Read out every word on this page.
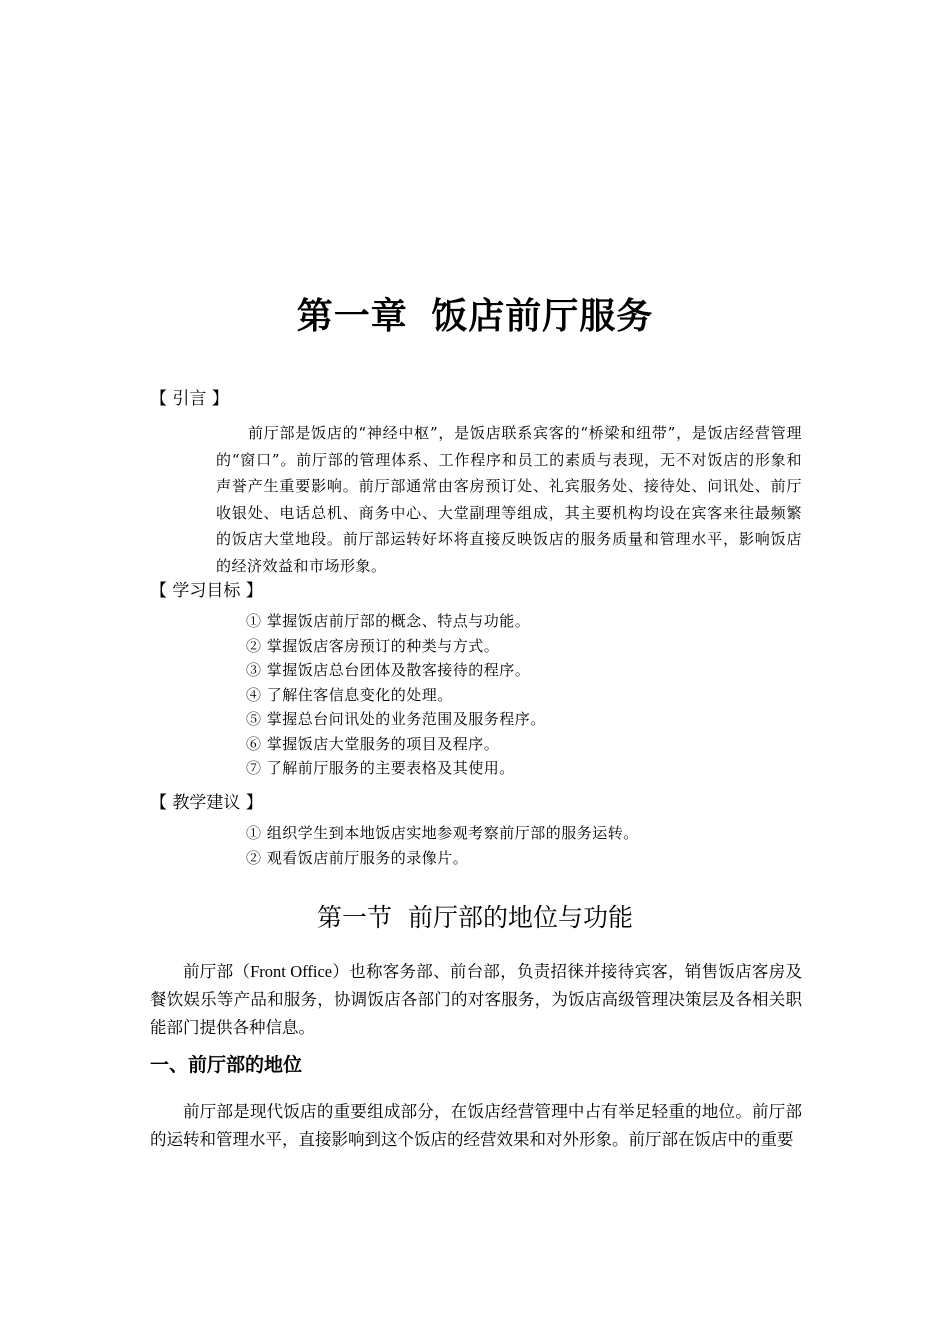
第一章 饭店前厅服务
【 引言 】
前厅部是饭店的“神经中枢”，是饭店联系宾客的“桥梁和纽带”，是饭店经营管理的“窗口”。前厅部的管理体系、工作程序和员工的素质与表现，无不对饭店的形象和声誉产生重要影响。前厅部通常由客房预订处、礼宾服务处、接待处、问讯处、前厅收银处、电话总机、商务中心、大堂副理等组成，其主要机构均设在宾客来往最频繁的饭店大堂地段。前厅部运转好坏将直接反映饭店的服务质量和管理水平，影响饭店的经济效益和市场形象。
【 学习目标 】
① 掌握饭店前厅部的概念、特点与功能。
② 掌握饭店客房预订的种类与方式。
③ 掌握饭店总台团体及散客接待的程序。
④ 了解住客信息变化的处理。
⑤ 掌握总台问讯处的业务范围及服务程序。
⑥ 掌握饭店大堂服务的项目及程序。
⑦ 了解前厅服务的主要表格及其使用。
【 教学建议 】
① 组织学生到本地饭店实地参观考察前厅部的服务运转。
② 观看饭店前厅服务的录像片。
第一节 前厅部的地位与功能

前厅部（Front Office）也称客务部、前台部，负责招徕并接待宾客，销售饭店客房及餐饮娱乐等产品和服务，协调饭店各部门的对客服务，为饭店高级管理决策层及各相关职能部门提供各种信息。

一、前厅部的地位

前厅部是现代饭店的重要组成部分，在饭店经营管理中占有举足轻重的地位。前厅部的运转和管理水平，直接影响到这个饭店的经营效果和对外形象。前厅部在饭店中的重要
